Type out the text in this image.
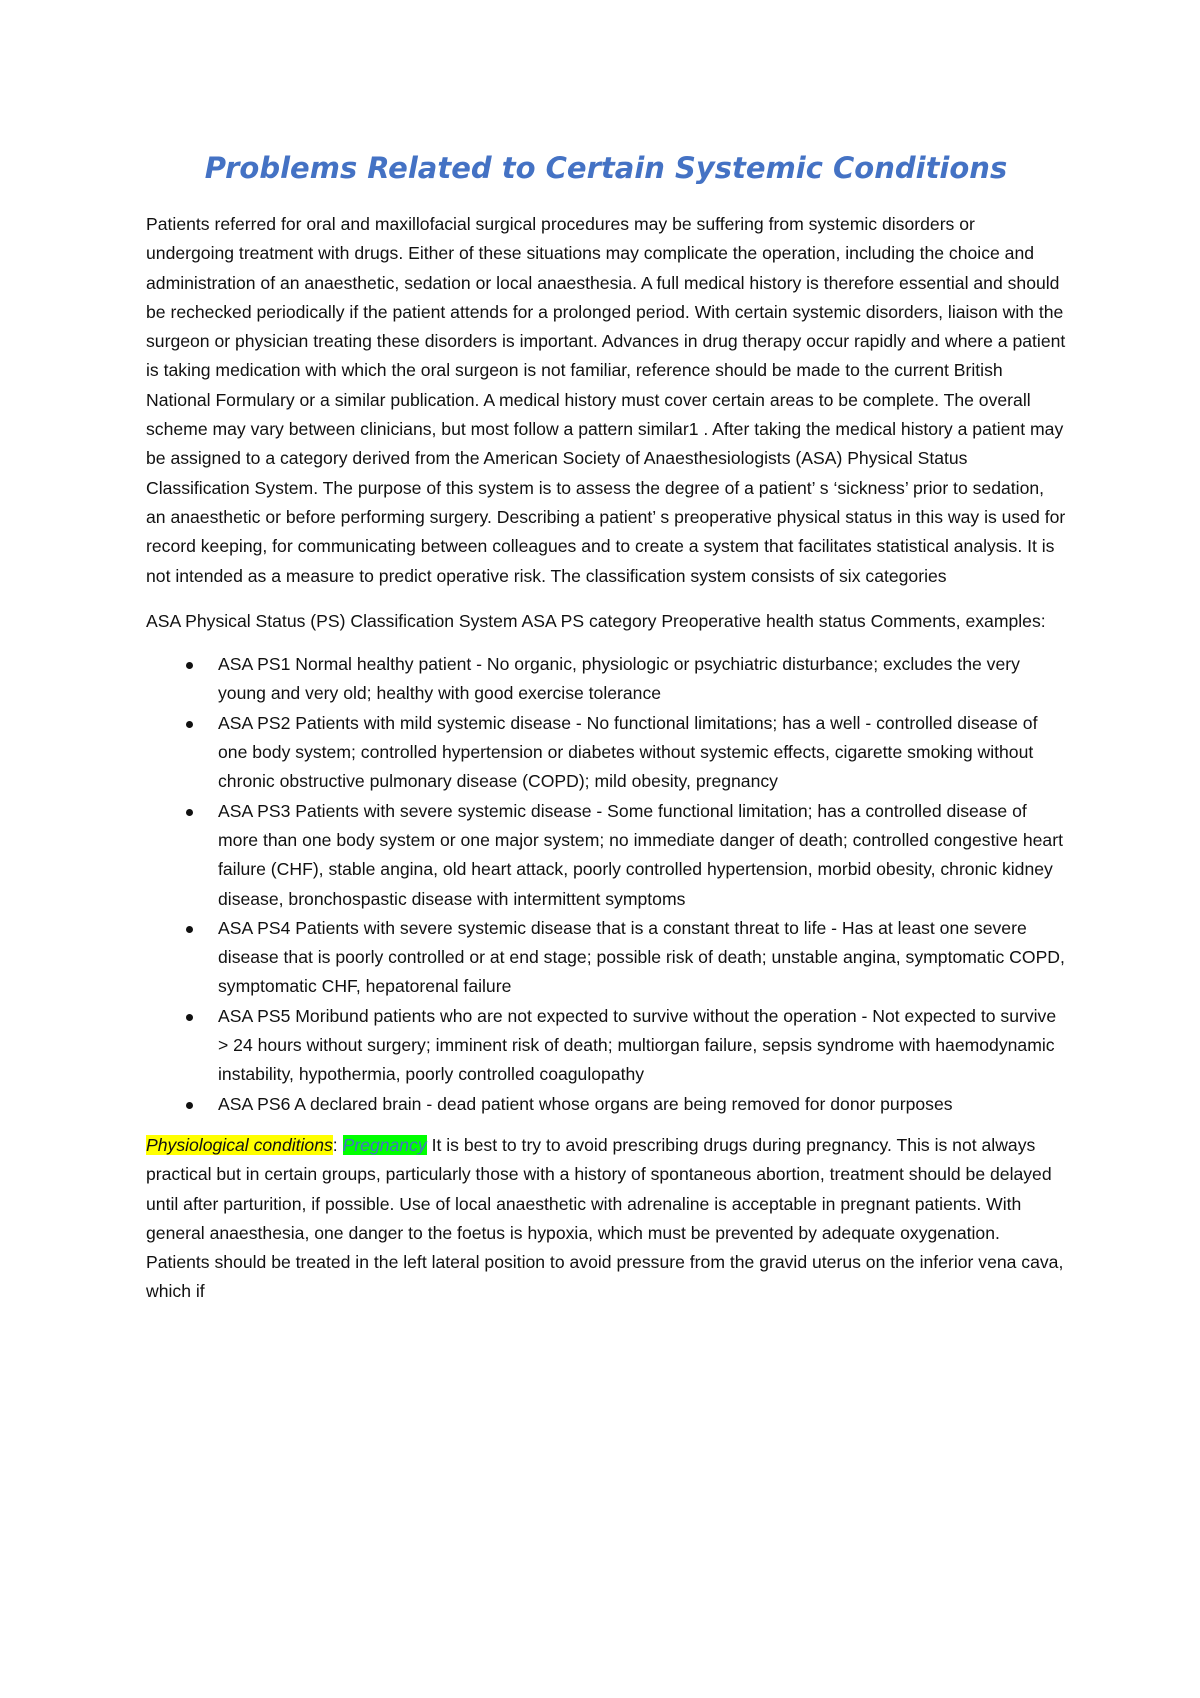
Problems Related to Certain Systemic Conditions

Patients referred for oral and maxillofacial surgical procedures may be suffering from systemic disorders or undergoing treatment with drugs. Either of these situations may complicate the operation, including the choice and administration of an anaesthetic, sedation or local anaesthesia. A full medical history is therefore essential and should be rechecked periodically if the patient attends for a prolonged period. With certain systemic disorders, liaison with the surgeon or physician treating these disorders is important. Advances in drug therapy occur rapidly and where a patient is taking medication with which the oral surgeon is not familiar, reference should be made to the current British National Formulary or a similar publication. A medical history must cover certain areas to be complete. The overall scheme may vary between clinicians, but most follow a pattern similar1 . After taking the medical history a patient may be assigned to a category derived from the American Society of Anaesthesiologists (ASA) Physical Status Classification System. The purpose of this system is to assess the degree of a patient’ s ‘sickness’ prior to sedation, an anaesthetic or before performing surgery. Describing a patient’ s preoperative physical status in this way is used for record keeping, for communicating between colleagues and to create a system that facilitates statistical analysis. It is not intended as a measure to predict operative risk. The classification system consists of six categories

ASA Physical Status (PS) Classification System ASA PS category Preoperative health status Comments, examples:

ASA PS1 Normal healthy patient - No organic, physiologic or psychiatric disturbance; excludes the very young and very old; healthy with good exercise tolerance
ASA PS2 Patients with mild systemic disease - No functional limitations; has a well - controlled disease of one body system; controlled hypertension or diabetes without systemic effects, cigarette smoking without chronic obstructive pulmonary disease (COPD); mild obesity, pregnancy
ASA PS3 Patients with severe systemic disease - Some functional limitation; has a controlled disease of more than one body system or one major system; no immediate danger of death; controlled congestive heart failure (CHF), stable angina, old heart attack, poorly controlled hypertension, morbid obesity, chronic kidney disease, bronchospastic disease with intermittent symptoms
ASA PS4 Patients with severe systemic disease that is a constant threat to life - Has at least one severe disease that is poorly controlled or at end stage; possible risk of death; unstable angina, symptomatic COPD, symptomatic CHF, hepatorenal failure
ASA PS5 Moribund patients who are not expected to survive without the operation - Not expected to survive > 24 hours without surgery; imminent risk of death; multiorgan failure, sepsis syndrome with haemodynamic instability, hypothermia, poorly controlled coagulopathy
ASA PS6 A declared brain - dead patient whose organs are being removed for donor purposes

Physiological conditions: Pregnancy It is best to try to avoid prescribing drugs during pregnancy. This is not always practical but in certain groups, particularly those with a history of spontaneous abortion, treatment should be delayed until after parturition, if possible. Use of local anaesthetic with adrenaline is acceptable in pregnant patients. With general anaesthesia, one danger to the foetus is hypoxia, which must be prevented by adequate oxygenation. Patients should be treated in the left lateral position to avoid pressure from the gravid uterus on the inferior vena cava, which if
